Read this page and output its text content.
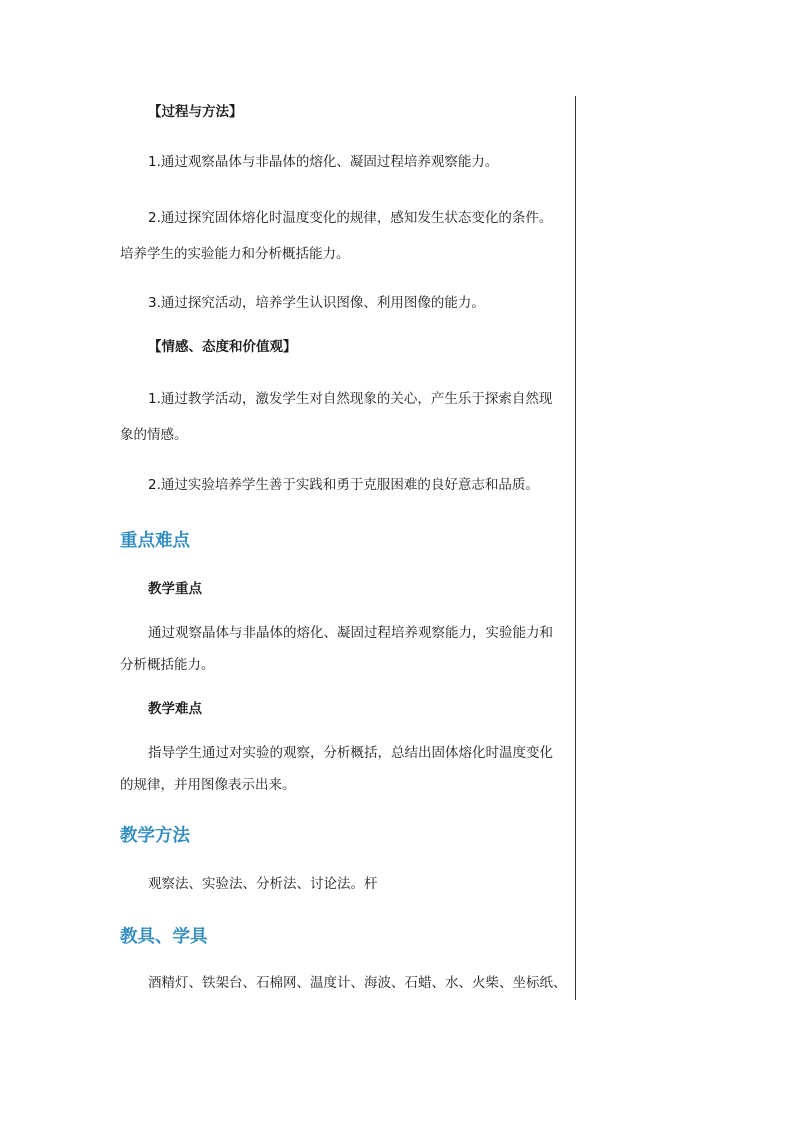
【过程与方法】
1.通过观察晶体与非晶体的熔化、凝固过程培养观察能力。
2.通过探究固体熔化时温度变化的规律，感知发生状态变化的条件。
培养学生的实验能力和分析概括能力。
3.通过探究活动，培养学生认识图像、利用图像的能力。
【情感、态度和价值观】
1.通过教学活动，激发学生对自然现象的关心，产生乐于探索自然现
象的情感。
2.通过实验培养学生善于实践和勇于克服困难的良好意志和品质。
重点难点
教学重点
通过观察晶体与非晶体的熔化、凝固过程培养观察能力，实验能力和
分析概括能力。
教学难点
指导学生通过对实验的观察，分析概括，总结出固体熔化时温度变化
的规律，并用图像表示出来。
教学方法
观察法、实验法、分析法、讨论法。杆
教具、学具
酒精灯、铁架台、石棉网、温度计、海波、石蜡、水、火柴、坐标纸、
